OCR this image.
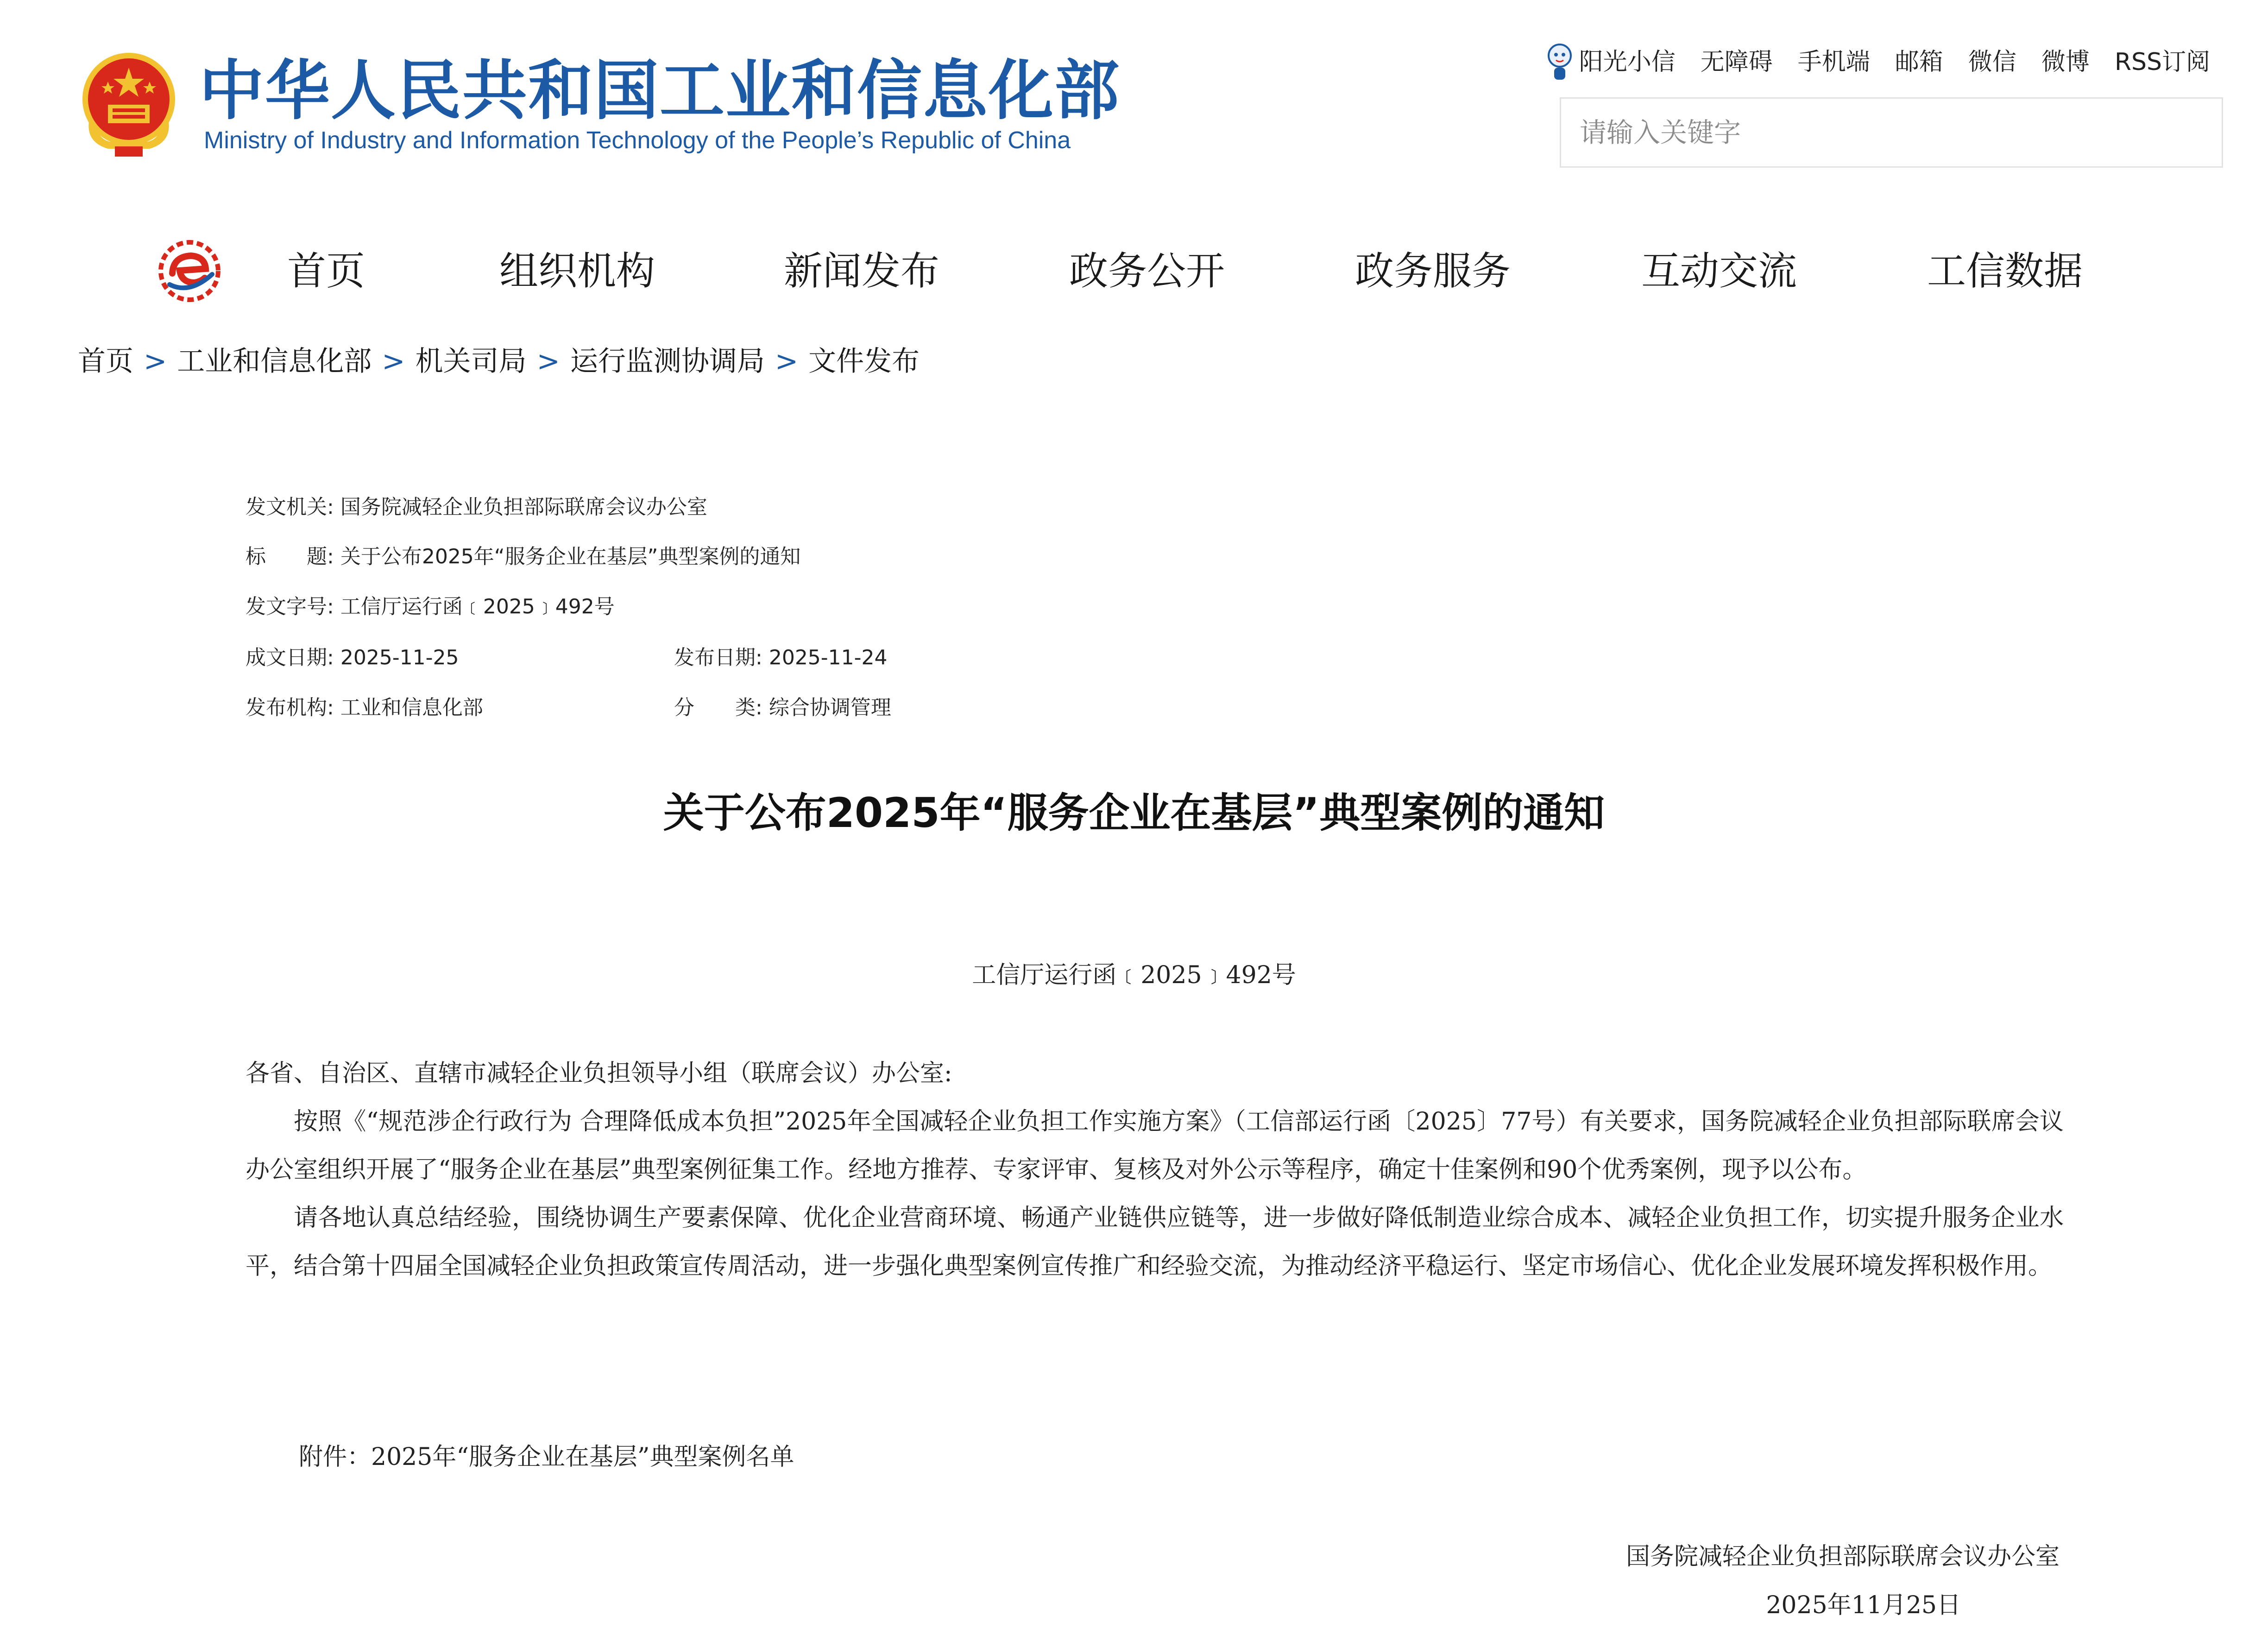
中华人民共和国工业和信息化部
Ministry of Industry and Information Technology of the People’s Republic of China
阳光小信 无障碍 手机端 邮箱 微信 微博 RSS订阅
请输入关键字
首页	组织机构	新闻发布	政务公开	政务服务	互动交流	工信数据
首页 > 工业和信息化部 > 机关司局 > 运行监测协调局 > 文件发布
发文机关: 国务院减轻企业负担部际联席会议办公室
标　　题: 关于公布2025年“服务企业在基层”典型案例的通知
发文字号: 工信厅运行函﹝2025﹞492号
成文日期: 2025-11-25	发布日期: 2025-11-24
发布机构: 工业和信息化部	分　　类: 综合协调管理
关于公布2025年“服务企业在基层”典型案例的通知
工信厅运行函﹝2025﹞492号

各省、自治区、直辖市减轻企业负担领导小组（联席会议）办公室:

按照《“规范涉企行政行为 合理降低成本负担”2025年全国减轻企业负担工作实施方案》（工信部运行函〔2025〕77号）有关要求，国务院减轻企业负担部际联席会议办公室组织开展了“服务企业在基层”典型案例征集工作。经地方推荐、专家评审、复核及对外公示等程序，确定十佳案例和90个优秀案例，现予以公布。

请各地认真总结经验，围绕协调生产要素保障、优化企业营商环境、畅通产业链供应链等，进一步做好降低制造业综合成本、减轻企业负担工作，切实提升服务企业水平，结合第十四届全国减轻企业负担政策宣传周活动，进一步强化典型案例宣传推广和经验交流，为推动经济平稳运行、坚定市场信心、优化企业发展环境发挥积极作用。

附件：2025年“服务企业在基层”典型案例名单
国务院减轻企业负担部际联席会议办公室
2025年11月25日
